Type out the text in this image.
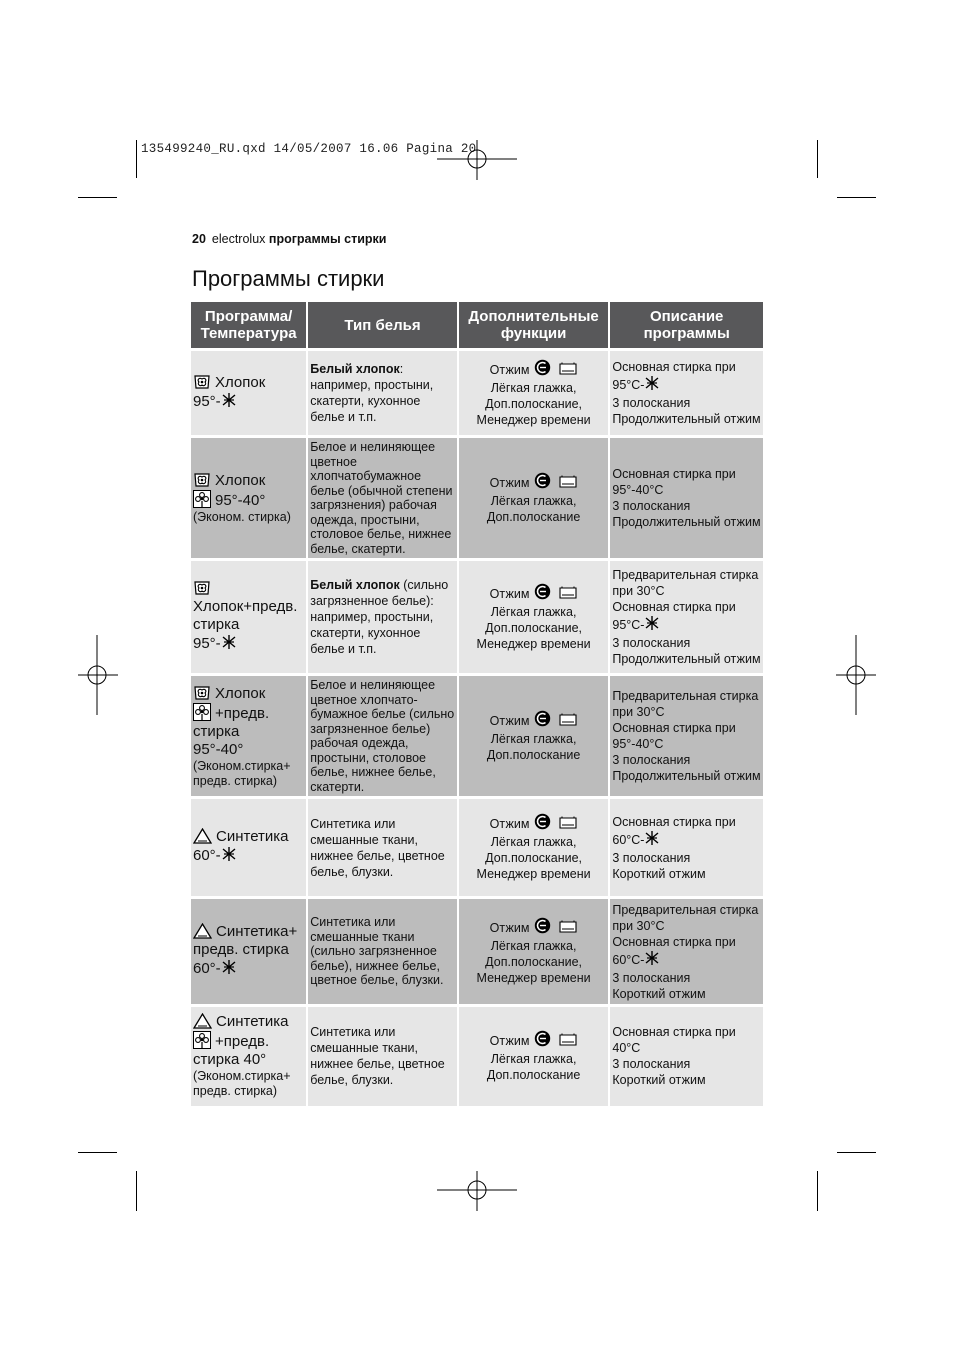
135499240_RU.qxd 14/05/2007 16.06 Pagina 20
20 electrolux программы стирки
Программы стирки
Программа/ Температура	Тип белья	Дополнительные функции	Описание программы

Хлопок
95°-	Белый хлопок: например, простыни, скатерти, кухонное белье и т.п.	Отжим
Лёгкая глажка,
Доп.полоскание,
Менеджер времени	Основная стирка при 95°C-
3 полоскания
Продолжительный отжим

Хлопок
95°-40°
(Эконом. стирка)	Белое и нелиняющее цветное хлопчатобумажное белье (обычной степени загрязнения) рабочая одежда, простыни, столовое белье, нижнее белье, скатерти.	Отжим
Лёгкая глажка,
Доп.полоскание	Основная стирка при 95°-40°C
3 полоскания
Продолжительный отжим

Хлопок+предв. стирка
95°-	Белый хлопок (сильно загрязненное белье): например, простыни, скатерти, кухонное белье и т.п.	Отжим
Лёгкая глажка,
Доп.полоскание,
Менеджер времени	Предварительная стирка при 30°C
Основная стирка при 95°C-
3 полоскания
Продолжительный отжим

Хлопок
+предв. стирка
95°-40°
(Эконом.стирка+ предв. стирка)	Белое и нелиняющее цветное хлопчато-бумажное белье (сильно загрязненное белье) рабочая одежда, простыни, столовое белье, нижнее белье, скатерти.	Отжим
Лёгкая глажка,
Доп.полоскание	Предварительная стирка при 30°C
Основная стирка при 95°-40°C
3 полоскания
Продолжительный отжим

Синтетика
60°-	Синтетика или смешанные ткани, нижнее белье, цветное белье, блузки.	Отжим
Лёгкая глажка,
Доп.полоскание,
Менеджер времени	Основная стирка при 60°C-
3 полоскания
Короткий отжим

Синтетика+ предв. стирка
60°-	Синтетика или смешанные ткани (сильно загрязненное белье), нижнее белье, цветное белье, блузки.	Отжим
Лёгкая глажка,
Доп.полоскание,
Менеджер времени	Предварительная стирка при 30°C
Основная стирка при 60°C-
3 полоскания
Короткий отжим

Синтетика
+предв. стирка 40°
(Эконом.стирка+ предв. стирка)	Синтетика или смешанные ткани, нижнее белье, цветное белье, блузки.	Отжим
Лёгкая глажка,
Доп.полоскание	Основная стирка при 40°C
3 полоскания
Короткий отжим
